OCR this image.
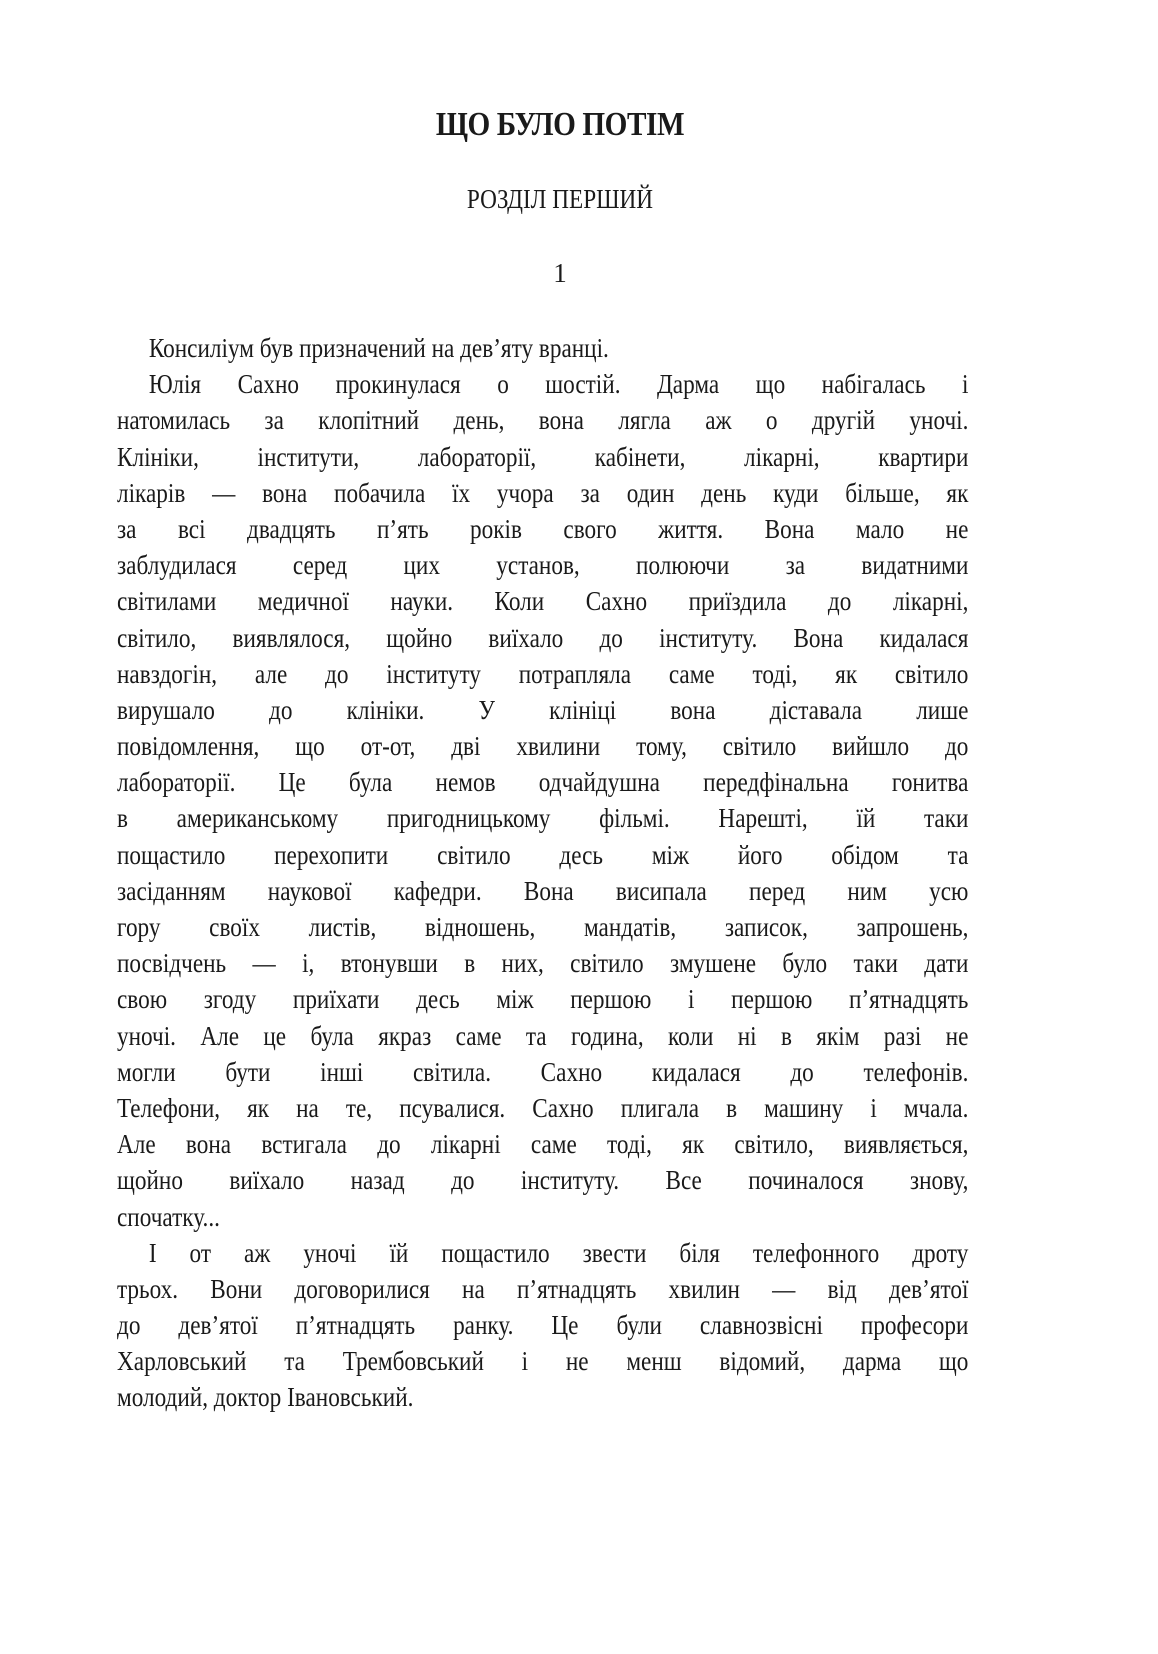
ЩО БУЛО ПОТІМ
РОЗДІЛ ПЕРШИЙ
1
Консиліум був призначений на дев’яту вранці.
Юлія Сахно прокинулася о шостій. Дарма що набігалась і
натомилась за клопітний день, вона лягла аж о другій уночі.
Клініки, інститути, лабораторії, кабінети, лікарні, квартири
лікарів — вона побачила їх учора за один день куди більше, як
за всі двадцять п’ять років свого життя. Вона мало не
заблудилася серед цих установ, полюючи за видатними
світилами медичної науки. Коли Сахно приїздила до лікарні,
світило, виявлялося, щойно виїхало до інституту. Вона кидалася
навздогін, але до інституту потрапляла саме тоді, як світило
вирушало до клініки. У клініці вона діставала лише
повідомлення, що от-от, дві хвилини тому, світило вийшло до
лабораторії. Це була немов одчайдушна передфінальна гонитва
в американському пригодницькому фільмі. Нарешті, їй таки
пощастило перехопити світило десь між його обідом та
засіданням наукової кафедри. Вона висипала перед ним усю
гору своїх листів, відношень, мандатів, записок, запрошень,
посвідчень — і, втонувши в них, світило змушене було таки дати
свою згоду приїхати десь між першою і першою п’ятнадцять
уночі. Але це була якраз саме та година, коли ні в якім разі не
могли бути інші світила. Сахно кидалася до телефонів.
Телефони, як на те, псувалися. Сахно плигала в машину і мчала.
Але вона встигала до лікарні саме тоді, як світило, виявляється,
щойно виїхало назад до інституту. Все починалося знову,
спочатку...
І от аж уночі їй пощастило звести біля телефонного дроту
трьох. Вони договорилися на п’ятнадцять хвилин — від дев’ятої
до дев’ятої п’ятнадцять ранку. Це були славнозвісні професори
Харловський та Трембовський і не менш відомий, дарма що
молодий, доктор Івановський.
